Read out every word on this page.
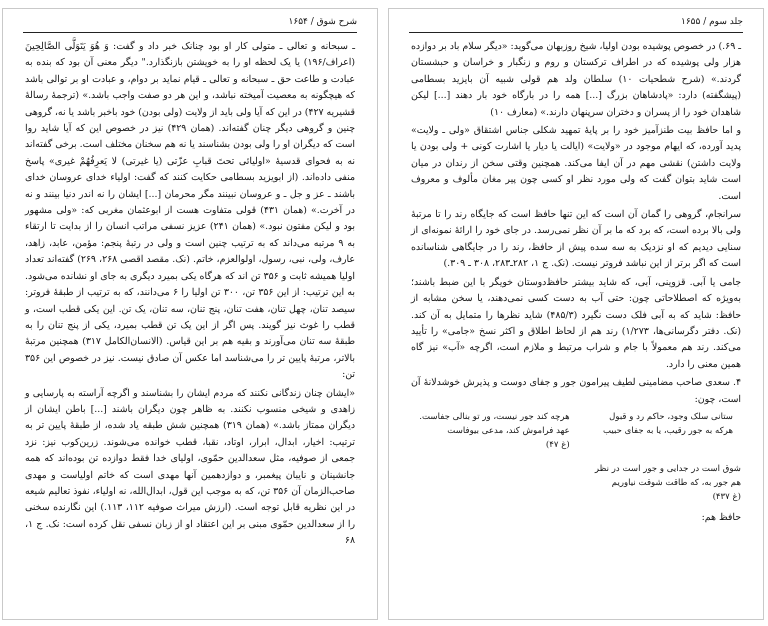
۱۶۵۴ / شرح شوق

ـ سبحانه و تعالی ـ متولی کار او بود چنانک خبر داد و گفت: وَ هُوَ يَتَوَلَّى الصَّالِحِينَ (اعراف/۱۹۶) یا یک لحظه او را به خویشتن بازنگذارد." دیگر معنی آن بود که بنده به عبادت و طاعت حق ـ سبحانه و تعالی ـ قیام نماید بر دوام، و عبادت او بر توالی باشد که هیچگونه به معصیت آمیخته نباشد، و این هر دو صفت واجب باشد.» (ترجمهٔ رسالهٔ قشیریه ۴۲۷) در این که آیا ولی باید از ولایت (ولی بودن) خود باخبر باشد یا نه، گروهی چنین و گروهی دیگر چنان گفته‌اند. (همان ۴۲۹) نیز در خصوص این که آیا شاید روا است که دیگران او را ولی بودن بشناسند یا نه هم سخنان مختلف است. برخی گفته‌اند نه به فحوای قدسیهٔ «اولیائی تحتَ قبابِ عزّتی (یا غیرتی) لا یَعرِفُهُمْ غیری» پاسخ منفی داده‌اند. (از ابویزید بسطامی حکایت کنند که گفت: اولیاء خدای عروسان خدای باشند ـ عز و جل ـ و عروسان نبینند مگر محرمان [...] ایشان را نه اندر دنیا بینند و نه در آخرت.» (همان ۴۳۱) قولی متفاوت هست از ابوعثمان مغربی که: «ولی مشهور بود و لیکن مفتون نبود.» (همان ۲۴۱) عزیز نسفی مراتب انسان را از بدایت تا ارتقاء به ۹ مرتبه می‌داند که به ترتیب چنین است و ولی در رتبهٔ پنجم: مؤمن، عابد، زاهد، عارف، ولی، نبی، رسول، اولوالعزم، خاتم. (نک. مقصد اقصی ۲۶۸، ۲۶۹) گفته‌اند تعداد اولیا همیشه ثابت و ۳۵۶ تن اند که هرگاه یکی بمیرد دیگری به جای او نشانده می‌شود. به این ترتیب: از این ۳۵۶ تن، ۳۰۰ تن اولیا را ۶ می‌دانند، که به ترتیب از طبقهٔ فروتر: سیصد تنان، چهل تنان، هفت تنان، پنج تنان، سه تنان، یک تن. این یکی قطب است، و قطب را غوث نیز گویند. پس اگر از این یک تن قطب بمیرد، یکی از پنج تنان را به طبقهٔ سه تنان می‌آورند و بقیه هم بر این قیاس. (الانسان‌الکامل ۳۱۷) همچنین مرتبهٔ بالاتر، مرتبهٔ پایین تر را می‌شناسد اما عکس آن صادق نیست. نیز در خصوص این ۳۵۶ تن:

«ایشان چنان زندگانی نکنند که مردم ایشان را بشناسند و اگرچه آراسته به پارسایی و زاهدی و شیخی منسوب نکنند. به ظاهر چون دیگران باشند [...] باطن ایشان از دیگران ممتاز باشد.» (همان ۳۱۹) همچنین شش طبقه یاد شده، از طبقهٔ پایین تر به ترتیب: اخیار، ابدال، ابرار، اوتاد، نقبا، قطب خوانده می‌شوند. زرین‌کوب نیز: نزد جمعی از صوفیه، مثل سعدالدین حمّوی، اولیای خدا فقط دوازده تن بوده‌اند که همه جانشینان و نایبان پیغمبر، و دوازدهمین آنها مهدی است که خاتم اولیاست و مهدی صاحب‌الزمان آن ۳۵۶ تن، که به موجب این قول، ابدال‌الله، نه اولیاء، نفوذ تعالیم شیعه در این نظریه قابل توجه است. (ارزش میراث صوفیه ۱۱۲، ۱۱۳.) این نگارنده سخنی را از سعدالدین حمّوی مبنی بر این اعتقاد او از زبان نسفی نقل کرده است: نک. ج ۱، ۶۸

جلد سوم / ۱۶۵۵

ـ ۶۹.) در خصوص پوشیده بودن اولیا، شیخ روزبهان می‌گوید: «دیگر سلام باد بر دوازده هزار ولی پوشیده که در اطراف ترکستان و روم و زنگبار و خراسان و حبشستان گردند.» (شرح شطحیات ۱۰) سلطان ولد هم قولی شبیه آن بایزید بسطامی (پیشگفته) دارد: «پادشاهان بزرگ [...] همه را در بارگاه خود بار دهند [...] لیکن شاهدان خود را از پسران و دختران سرپنهان دارند.» (معارف ۱۰)

و اما حافظ بیت طنزآمیز خود را بر پایهٔ تمهید شکلی جناس اشتقاق «ولی ـ ولایت» پدید آورده، که ایهام موجود در «ولایت» (ایالت یا دیار یا اشارت کونی + ولی بودن یا ولایت داشتن) نقشی مهم در آن ایفا می‌کند. همچنین وقتی سخن از رندان در میان است شاید بتوان گفت که ولی مورد نظر او کسی چون پیر مغان مألوف و معروف است.

سرانجام، گروهی را گمان آن است که این تنها حافظ است که جایگاه رند را تا مرتبهٔ ولی بالا برده است، که برد که ما بر آن نظر نمی‌رسد. در جای خود را ارائهٔ نمونه‌ای از سنایی دیدیم که او نزدیک به سه سده پیش از حافظ، رند را در جایگاهی شناسانده است که اگر برتر از این نباشد فروتر نیست. (نک. ج ۱، ۲۸۲ـ۲۸۳، ۳۰۸ ـ ۳۰۹.)

جامی یا آبی. قزوینی، آبی، که شاید بیشتر حافظ‌دوستان خویگر با این ضبط باشند؛ به‌ویژه که اصطلاحاتی چون: حتی آب به دست کسی نمی‌دهند، یا سخن مشابه از حافظ: شاید که به آبی فلک دست نگیرد (۴۸۵/۳) شاید نظرها را متمایل به آن کند. (نک. دفتر دگرسانی‌ها، ۱/۲۷۳) رند هم از لحاظ اطلاق و اکثر نسخ «جامی» را تأیید می‌کند. رند هم معمولاً با جام و شراب مرتبط و ملازم است، اگرچه «آب» نیز گاه همین معنی را دارد.

۴. سعدی صاحب مضامینی لطیف پیرامون جور و جفای دوست و پذیرش خوشدلانهٔ آن است، چون:

ستانی سلک وجود، حاکم رد و قبول
هرکه به جور رقیب، یا به جفای حبیب
هرچه کند جور نیست، ور تو بنالی جفاست.
عهد فراموش کند، مدعی بیوفاست
(غ ۴۷)
شوق است در جدایی و جور است در نظر
هم جور به، که طاقت شوقت نیاوریم
(غ ۴۳۷)
حافظ هم:
